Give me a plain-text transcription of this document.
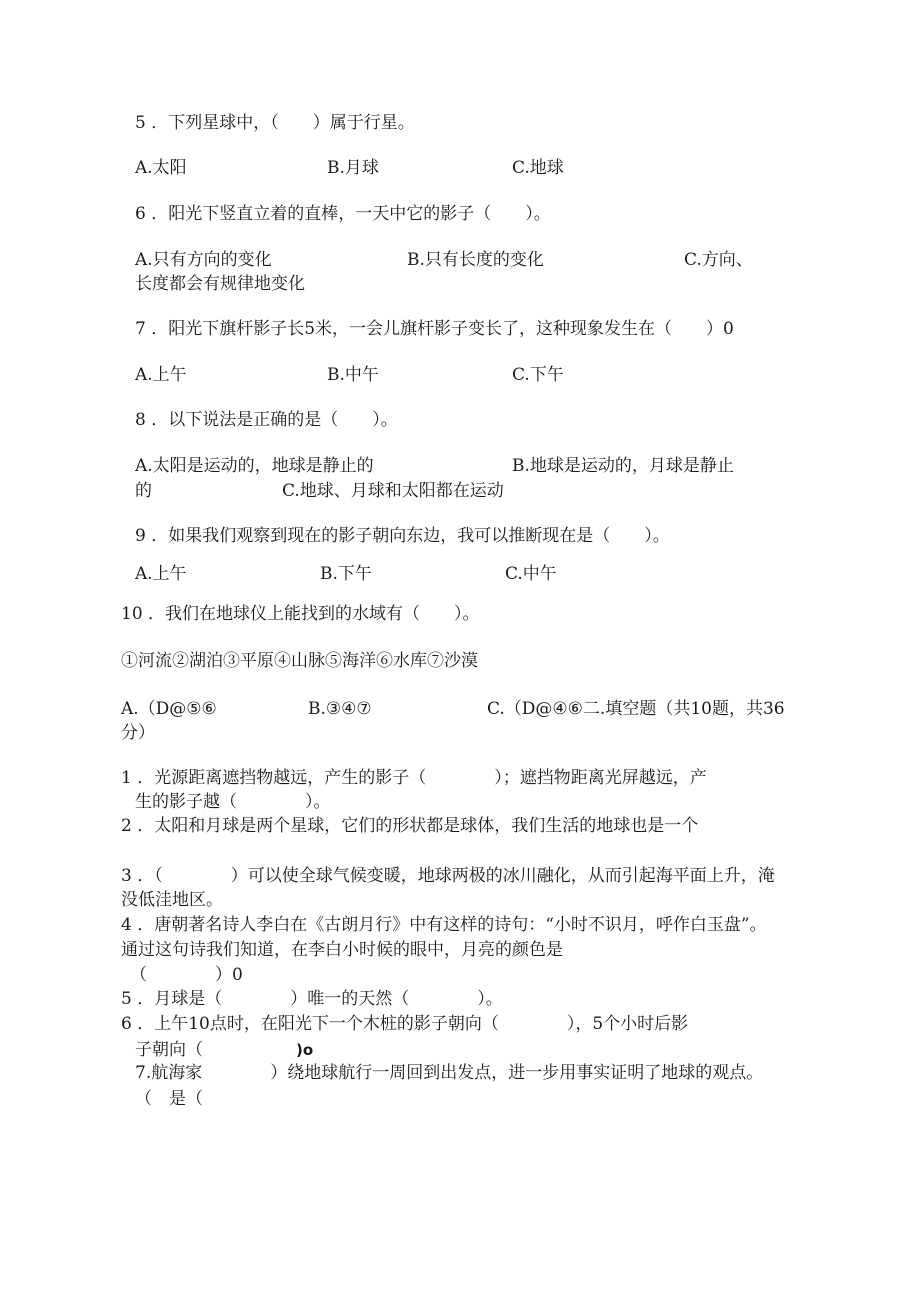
5 ．下列星球中，（　　）属于行星。
A.太阳	B.月球	C.地球
6 ．阳光下竖直立着的直棒，一天中它的影子（　　）。
A.只有方向的变化	B.只有长度的变化	C.方向、
长度都会有规律地变化
7 ．阳光下旗杆影子长5米，一会儿旗杆影子变长了，这种现象发生在（　　）0
A.上午	B.中午	C.下午
8 ．以下说法是正确的是（　　）。
A.太阳是运动的，地球是静止的	B.地球是运动的，月球是静止
的	C.地球、月球和太阳都在运动
9 ．如果我们观察到现在的影子朝向东边，我可以推断现在是（　　）。
A.上午	B.下午	C.中午
10 ．我们在地球仪上能找到的水域有（　　）。
①河流②湖泊③平原④山脉⑤海洋⑥水库⑦沙漠
A.（D@⑤⑥	B.③④⑦	C.（D@④⑥二.填空题（共10题，共36
分）
1 ．光源距离遮挡物越远，产生的影子（　　　　）；遮挡物距离光屏越远，产
生的影子越（　　　　）。
2 ．太阳和月球是两个星球，它们的形状都是球体，我们生活的地球也是一个
3 ．（　　　　）可以使全球气候变暖，地球两极的冰川融化，从而引起海平面上升，淹
没低洼地区。
4 ．唐朝著名诗人李白在《古朗月行》中有这样的诗句：“小时不识月，呼作白玉盘”。
通过这句诗我们知道，在李白小时候的眼中，月亮的颜色是
（　　　　）0
5 ．月球是（　　　　）唯一的天然（　　　　）。
6 ．上午10点时，在阳光下一个木桩的影子朝向（　　　　），5个小时后影
子朝向（	)o
7.航海家　　　　）绕地球航行一周回到出发点，进一步用事实证明了地球的观点。
（　是（
